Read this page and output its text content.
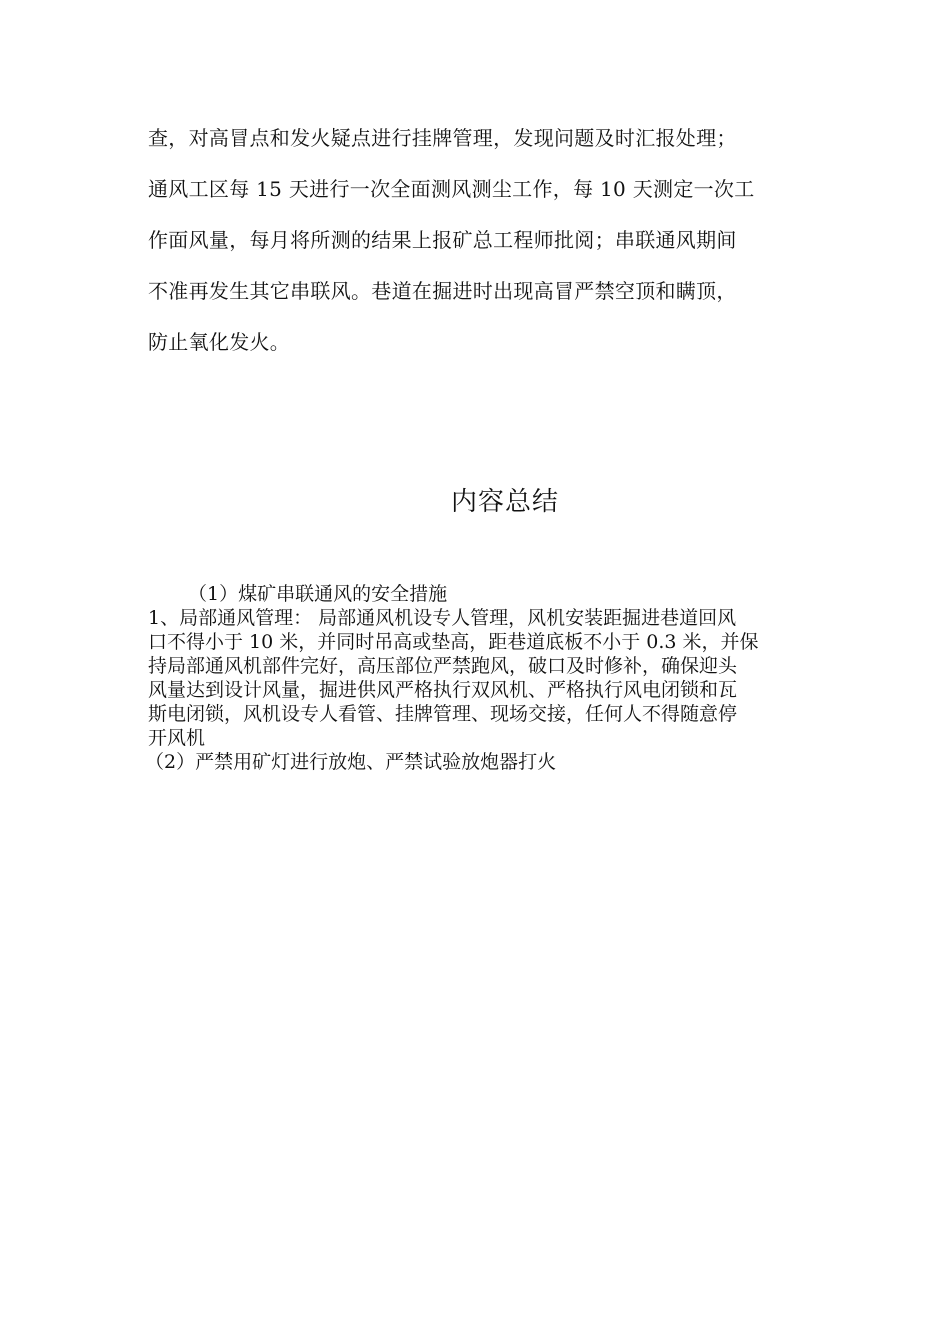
查，对高冒点和发火疑点进行挂牌管理，发现问题及时汇报处理；
通风工区每 15 天进行一次全面测风测尘工作，每 10 天测定一次工
作面风量，每月将所测的结果上报矿总工程师批阅；串联通风期间
不准再发生其它串联风。巷道在掘进时出现高冒严禁空顶和瞒顶，
防止氧化发火。
内容总结
（1）煤矿串联通风的安全措施
1、局部通风管理： 局部通风机设专人管理，风机安装距掘进巷道回风
口不得小于 10 米，并同时吊高或垫高，距巷道底板不小于 0.3 米，并保
持局部通风机部件完好，高压部位严禁跑风，破口及时修补，确保迎头
风量达到设计风量，掘进供风严格执行双风机、严格执行风电闭锁和瓦
斯电闭锁，风机设专人看管、挂牌管理、现场交接，任何人不得随意停
开风机
（2）严禁用矿灯进行放炮、严禁试验放炮器打火
